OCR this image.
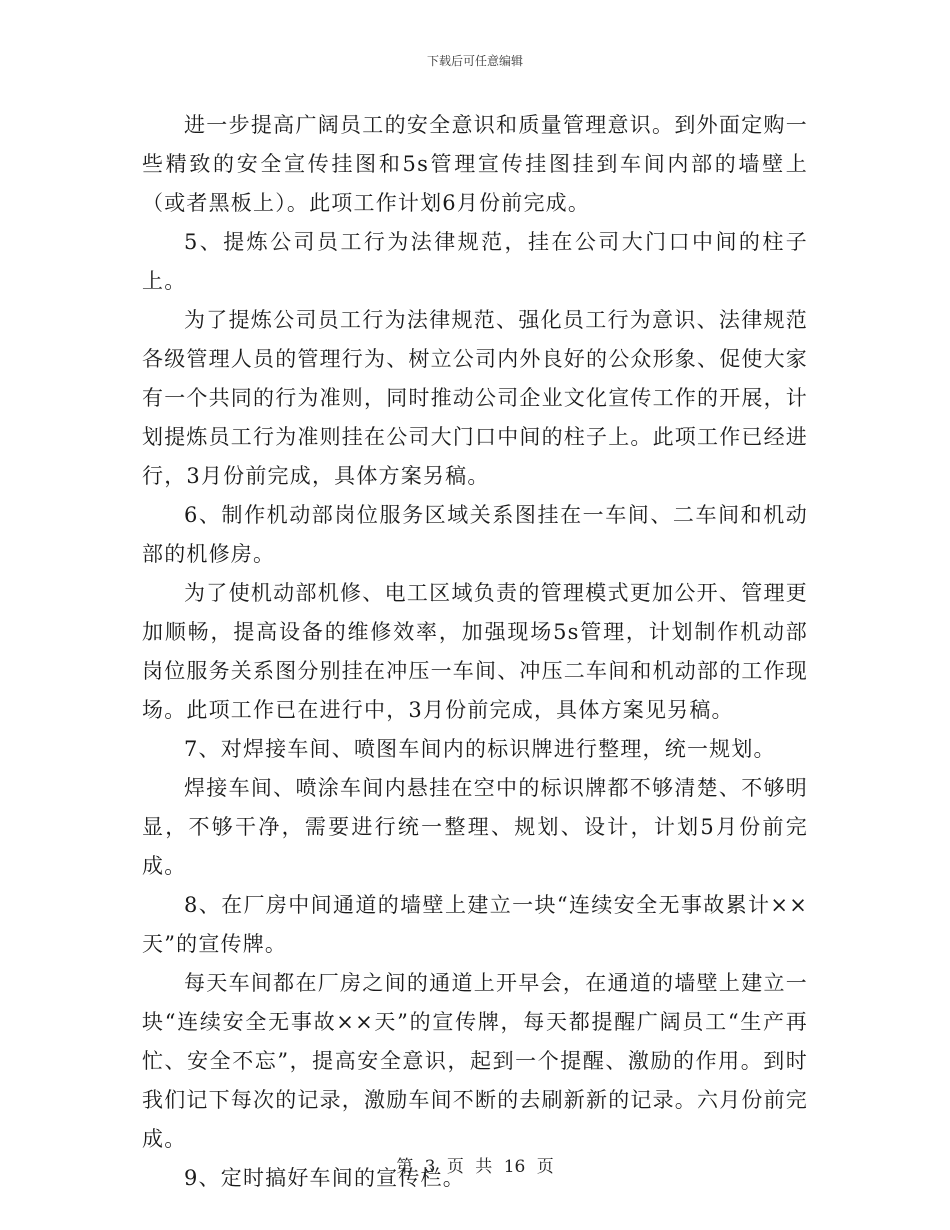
下载后可任意编辑

进一步提高广阔员工的安全意识和质量管理意识。到外面定购一些精致的安全宣传挂图和5s管理宣传挂图挂到车间内部的墙壁上（或者黑板上）。此项工作计划6月份前完成。

5、提炼公司员工行为法律规范，挂在公司大门口中间的柱子上。

为了提炼公司员工行为法律规范、强化员工行为意识、法律规范各级管理人员的管理行为、树立公司内外良好的公众形象、促使大家有一个共同的行为准则，同时推动公司企业文化宣传工作的开展，计划提炼员工行为准则挂在公司大门口中间的柱子上。此项工作已经进行，3月份前完成，具体方案另稿。

6、制作机动部岗位服务区域关系图挂在一车间、二车间和机动部的机修房。

为了使机动部机修、电工区域负责的管理模式更加公开、管理更加顺畅，提高设备的维修效率，加强现场5s管理，计划制作机动部岗位服务关系图分别挂在冲压一车间、冲压二车间和机动部的工作现场。此项工作已在进行中，3月份前完成，具体方案见另稿。

7、对焊接车间、喷图车间内的标识牌进行整理，统一规划。

焊接车间、喷涂车间内悬挂在空中的标识牌都不够清楚、不够明显，不够干净，需要进行统一整理、规划、设计，计划5月份前完成。

8、在厂房中间通道的墙壁上建立一块“连续安全无事故累计××天”的宣传牌。

每天车间都在厂房之间的通道上开早会，在通道的墙壁上建立一块“连续安全无事故××天”的宣传牌，每天都提醒广阔员工“生产再忙、安全不忘”，提高安全意识，起到一个提醒、激励的作用。到时我们记下每次的记录，激励车间不断的去刷新新的记录。六月份前完成。

9、定时搞好车间的宣传栏。

第 3 页 共 16 页
